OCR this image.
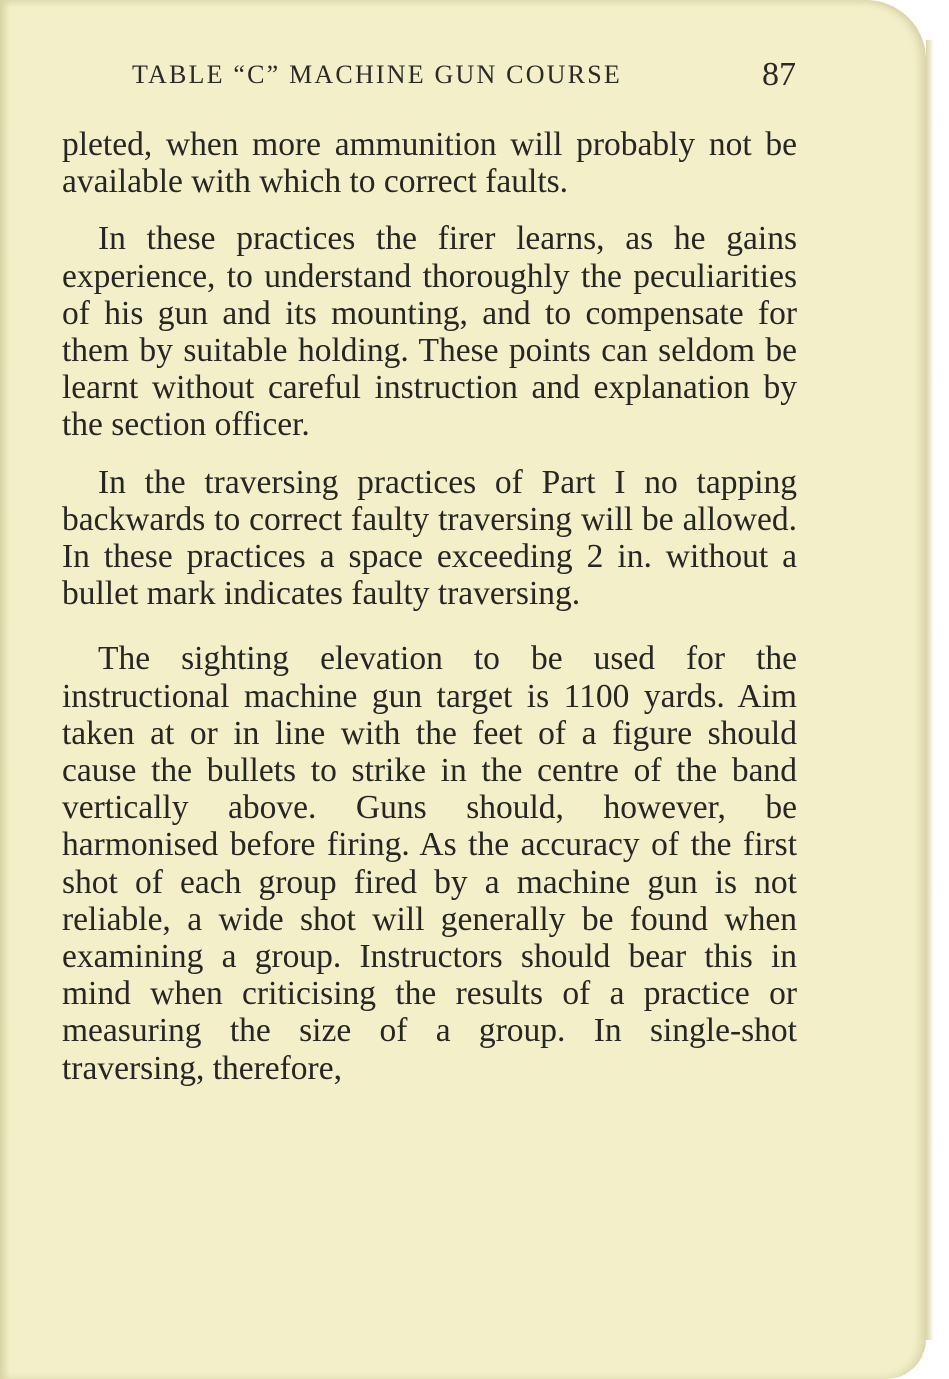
TABLE “C” MACHINE GUN COURSE	87

pleted, when more ammunition will probably not be available with which to correct faults.

In these practices the firer learns, as he gains experience, to understand thoroughly the peculiarities of his gun and its mounting, and to compensate for them by suitable holding. These points can seldom be learnt without careful instruction and explanation by the section officer.

In the traversing practices of Part I no tapping backwards to correct faulty traversing will be allowed. In these practices a space exceeding 2 in. without a bullet mark indicates faulty traversing.

The sighting elevation to be used for the instructional machine gun target is 1100 yards. Aim taken at or in line with the feet of a figure should cause the bullets to strike in the centre of the band vertically above. Guns should, however, be harmonised before firing. As the accuracy of the first shot of each group fired by a machine gun is not reliable, a wide shot will generally be found when examining a group. Instructors should bear this in mind when criticising the results of a practice or measuring the size of a group. In single-shot traversing, therefore,
